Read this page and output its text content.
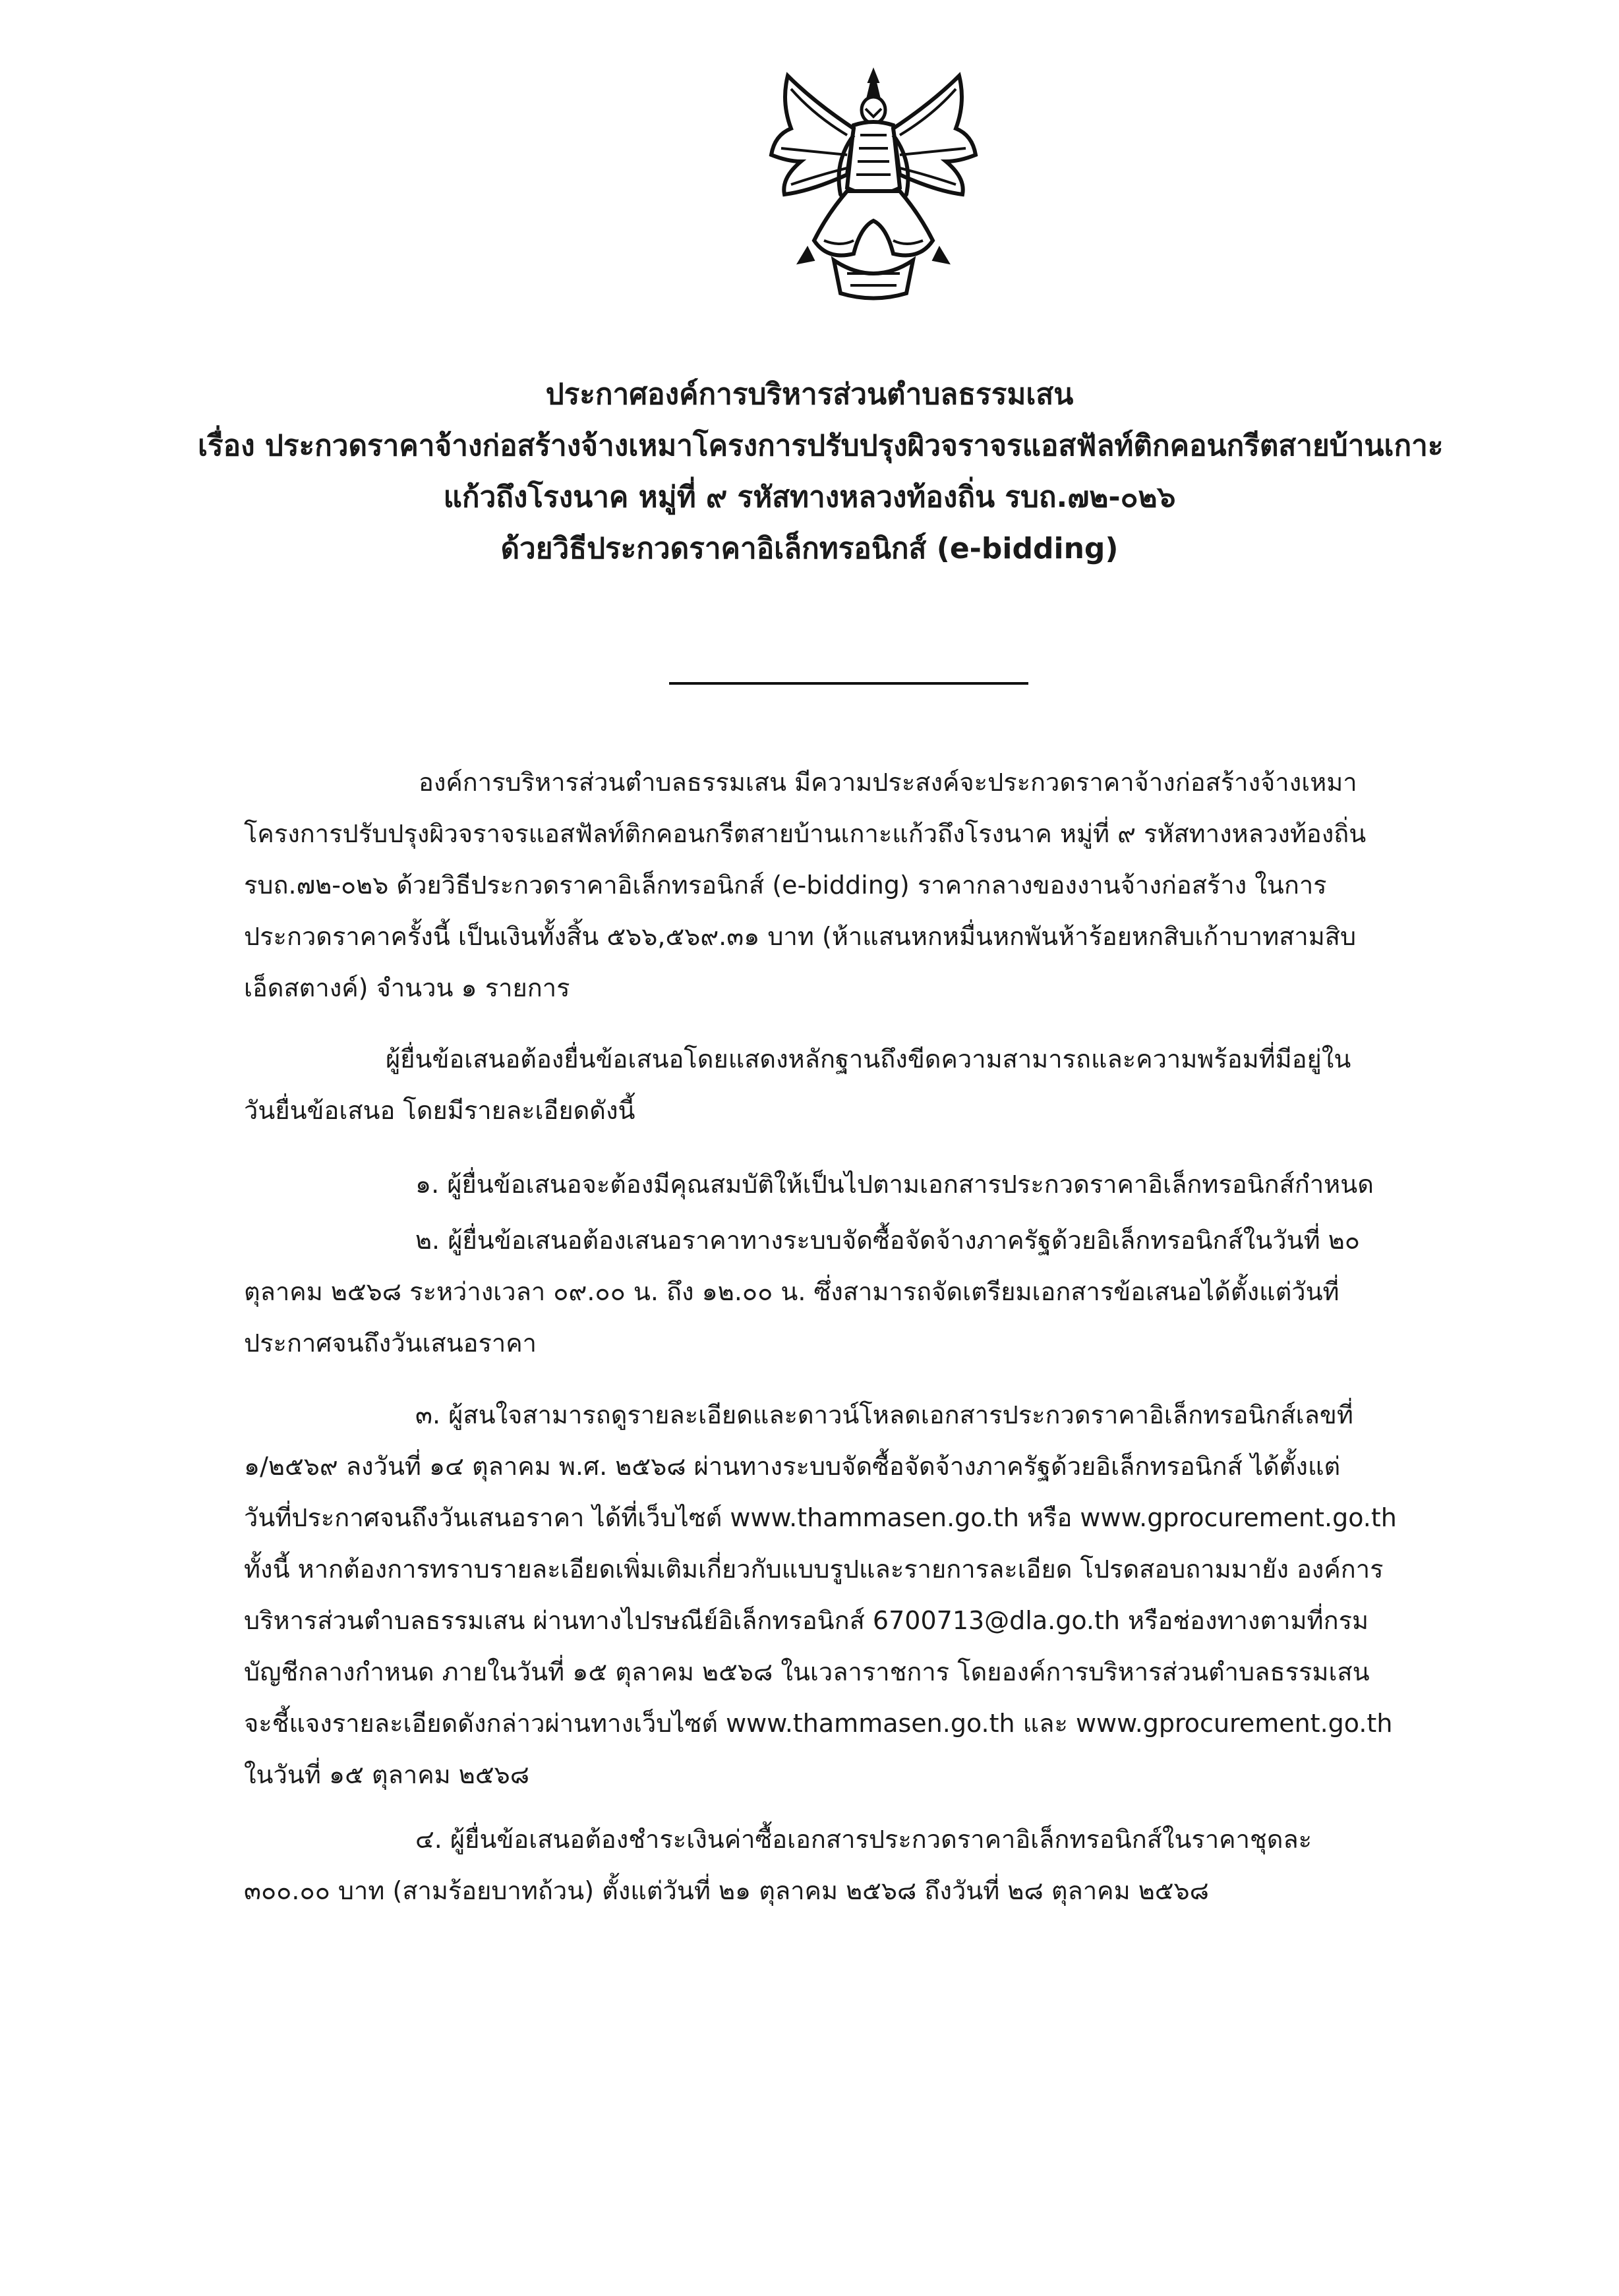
ประกาศองค์การบริหารส่วนตำบลธรรมเสน
เรื่อง ประกวดราคาจ้างก่อสร้างจ้างเหมาโครงการปรับปรุงผิวจราจรแอสฟัลท์ติกคอนกรีตสายบ้านเกาะ
แก้วถึงโรงนาค หมู่ที่ ๙ รหัสทางหลวงท้องถิ่น รบถ.๗๒-๐๒๖
ด้วยวิธีประกวดราคาอิเล็กทรอนิกส์ (e-bidding)
องค์การบริหารส่วนตำบลธรรมเสน มีความประสงค์จะประกวดราคาจ้างก่อสร้างจ้างเหมา
โครงการปรับปรุงผิวจราจรแอสฟัลท์ติกคอนกรีตสายบ้านเกาะแก้วถึงโรงนาค หมู่ที่ ๙ รหัสทางหลวงท้องถิ่น
รบถ.๗๒-๐๒๖ ด้วยวิธีประกวดราคาอิเล็กทรอนิกส์ (e-bidding) ราคากลางของงานจ้างก่อสร้าง ในการ
ประกวดราคาครั้งนี้ เป็นเงินทั้งสิ้น ๕๖๖,๕๖๙.๓๑ บาท (ห้าแสนหกหมื่นหกพันห้าร้อยหกสิบเก้าบาทสามสิบ
เอ็ดสตางค์) จำนวน ๑ รายการ
ผู้ยื่นข้อเสนอต้องยื่นข้อเสนอโดยแสดงหลักฐานถึงขีดความสามารถและความพร้อมที่มีอยู่ใน
วันยื่นข้อเสนอ โดยมีรายละเอียดดังนี้
๑. ผู้ยื่นข้อเสนอจะต้องมีคุณสมบัติให้เป็นไปตามเอกสารประกวดราคาอิเล็กทรอนิกส์กำหนด
๒. ผู้ยื่นข้อเสนอต้องเสนอราคาทางระบบจัดซื้อจัดจ้างภาครัฐด้วยอิเล็กทรอนิกส์ในวันที่ ๒๐
ตุลาคม ๒๕๖๘ ระหว่างเวลา ๐๙.๐๐ น. ถึง ๑๒.๐๐ น. ซึ่งสามารถจัดเตรียมเอกสารข้อเสนอได้ตั้งแต่วันที่
ประกาศจนถึงวันเสนอราคา
๓. ผู้สนใจสามารถดูรายละเอียดและดาวน์โหลดเอกสารประกวดราคาอิเล็กทรอนิกส์เลขที่
๑/๒๕๖๙ ลงวันที่ ๑๔ ตุลาคม พ.ศ. ๒๕๖๘ ผ่านทางระบบจัดซื้อจัดจ้างภาครัฐด้วยอิเล็กทรอนิกส์ ได้ตั้งแต่
วันที่ประกาศจนถึงวันเสนอราคา ได้ที่เว็บไซต์ www.thammasen.go.th หรือ www.gprocurement.go.th
ทั้งนี้ หากต้องการทราบรายละเอียดเพิ่มเติมเกี่ยวกับแบบรูปและรายการละเอียด โปรดสอบถามมายัง องค์การ
บริหารส่วนตำบลธรรมเสน ผ่านทางไปรษณีย์อิเล็กทรอนิกส์ 6700713@dla.go.th หรือช่องทางตามที่กรม
บัญชีกลางกำหนด ภายในวันที่ ๑๕ ตุลาคม ๒๕๖๘ ในเวลาราชการ โดยองค์การบริหารส่วนตำบลธรรมเสน
จะชี้แจงรายละเอียดดังกล่าวผ่านทางเว็บไซต์ www.thammasen.go.th และ www.gprocurement.go.th
ในวันที่ ๑๕ ตุลาคม ๒๕๖๘
๔. ผู้ยื่นข้อเสนอต้องชำระเงินค่าซื้อเอกสารประกวดราคาอิเล็กทรอนิกส์ในราคาชุดละ
๓๐๐.๐๐ บาท (สามร้อยบาทถ้วน) ตั้งแต่วันที่ ๒๑ ตุลาคม ๒๕๖๘ ถึงวันที่ ๒๘ ตุลาคม ๒๕๖๘
